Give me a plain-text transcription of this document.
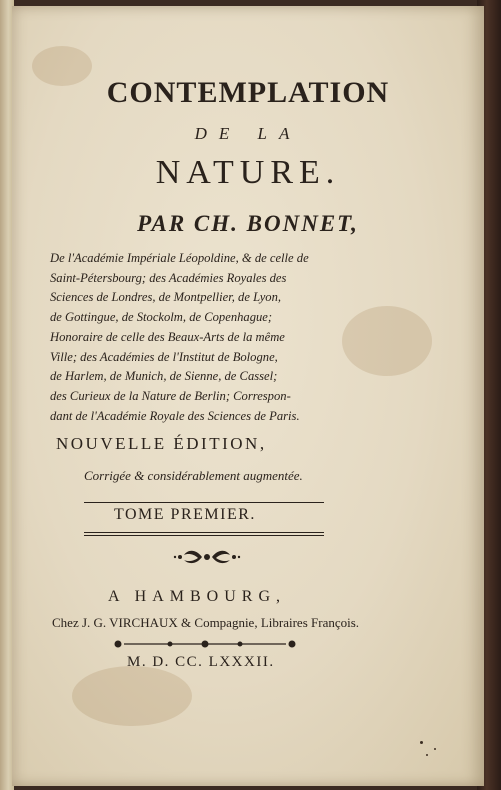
CONTEMPLATION
DE LA
NATURE.
PAR CH. BONNET,
De l'Académie Impériale Léopoldine, & de celle de
Saint-Pétersbourg; des Académies Royales des
Sciences de Londres, de Montpellier, de Lyon,
de Gottingue, de Stockolm, de Copenhague;
Honoraire de celle des Beaux-Arts de la même
Ville; des Académies de l'Institut de Bologne,
de Harlem, de Munich, de Sienne, de Cassel;
des Curieux de la Nature de Berlin; Correspon-
dant de l'Académie Royale des Sciences de Paris.
NOUVELLE ÉDITION,
Corrigée & considérablement augmentée.
TOME PREMIER.
A HAMBOURG,
Chez J. G. VIRCHAUX & Compagnie, Libraires François.
M. D. CC. LXXXII.
